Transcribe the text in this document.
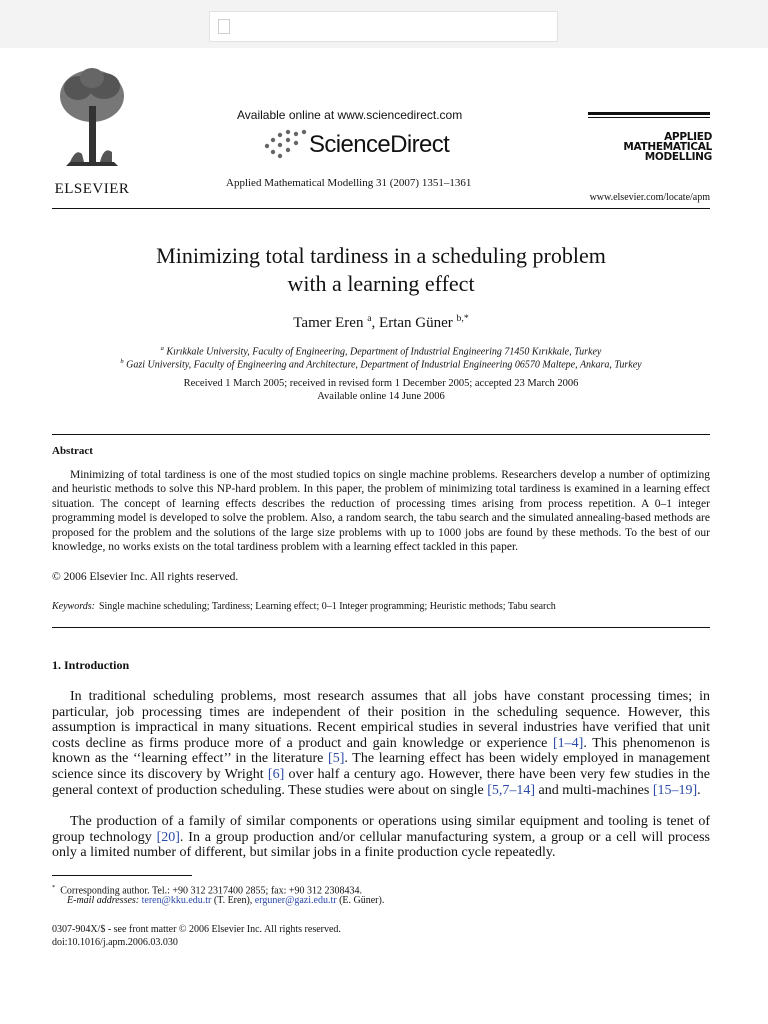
ELSEVIER
Available online at www.sciencedirect.com
ScienceDirect
Applied Mathematical Modelling 31 (2007) 1351–1361
APPLIED
MATHEMATICAL
MODELLING
www.elsevier.com/locate/apm
Minimizing total tardiness in a scheduling problem
with a learning effect
Tamer Eren $^a$, Ertan Güner $^{b,*}$
$^a$ Kırıkkale University, Faculty of Engineering, Department of Industrial Engineering 71450 Kırıkkale, Turkey
$^b$ Gazi University, Faculty of Engineering and Architecture, Department of Industrial Engineering 06570 Maltepe, Ankara, Turkey
Received 1 March 2005; received in revised form 1 December 2005; accepted 23 March 2006
Available online 14 June 2006
Abstract
Minimizing of total tardiness is one of the most studied topics on single machine problems. Researchers develop a number of optimizing and heuristic methods to solve this NP-hard problem. In this paper, the problem of minimizing total tardiness is examined in a learning effect situation. The concept of learning effects describes the reduction of processing times arising from process repetition. A 0–1 integer programming model is developed to solve the problem. Also, a random search, the tabu search and the simulated annealing-based methods are proposed for the problem and the solutions of the large size problems with up to 1000 jobs are found by these methods. To the best of our knowledge, no works exists on the total tardiness problem with a learning effect tackled in this paper.
© 2006 Elsevier Inc. All rights reserved.
Keywords: Single machine scheduling; Tardiness; Learning effect; 0–1 Integer programming; Heuristic methods; Tabu search
1. Introduction
In traditional scheduling problems, most research assumes that all jobs have constant processing times; in particular, job processing times are independent of their position in the scheduling sequence. However, this assumption is impractical in many situations. Recent empirical studies in several industries have verified that unit costs decline as firms produce more of a product and gain knowledge or experience [1–4]. This phenomenon is known as the ‘‘learning effect’’ in the literature [5]. The learning effect has been widely employed in management science since its discovery by Wright [6] over half a century ago. However, there have been very few studies in the general context of production scheduling. These studies were about on single [5,7–14] and multi-machines [15–19].
The production of a family of similar components or operations using similar equipment and tooling is tenet of group technology [20]. In a group production and/or cellular manufacturing system, a group or a cell will process only a limited number of different, but similar jobs in a finite production cycle repeatedly.
* Corresponding author. Tel.: +90 312 2317400 2855; fax: +90 312 2308434.
E-mail addresses: teren@kku.edu.tr (T. Eren), erguner@gazi.edu.tr (E. Güner).
0307-904X/$ - see front matter © 2006 Elsevier Inc. All rights reserved.
doi:10.1016/j.apm.2006.03.030
